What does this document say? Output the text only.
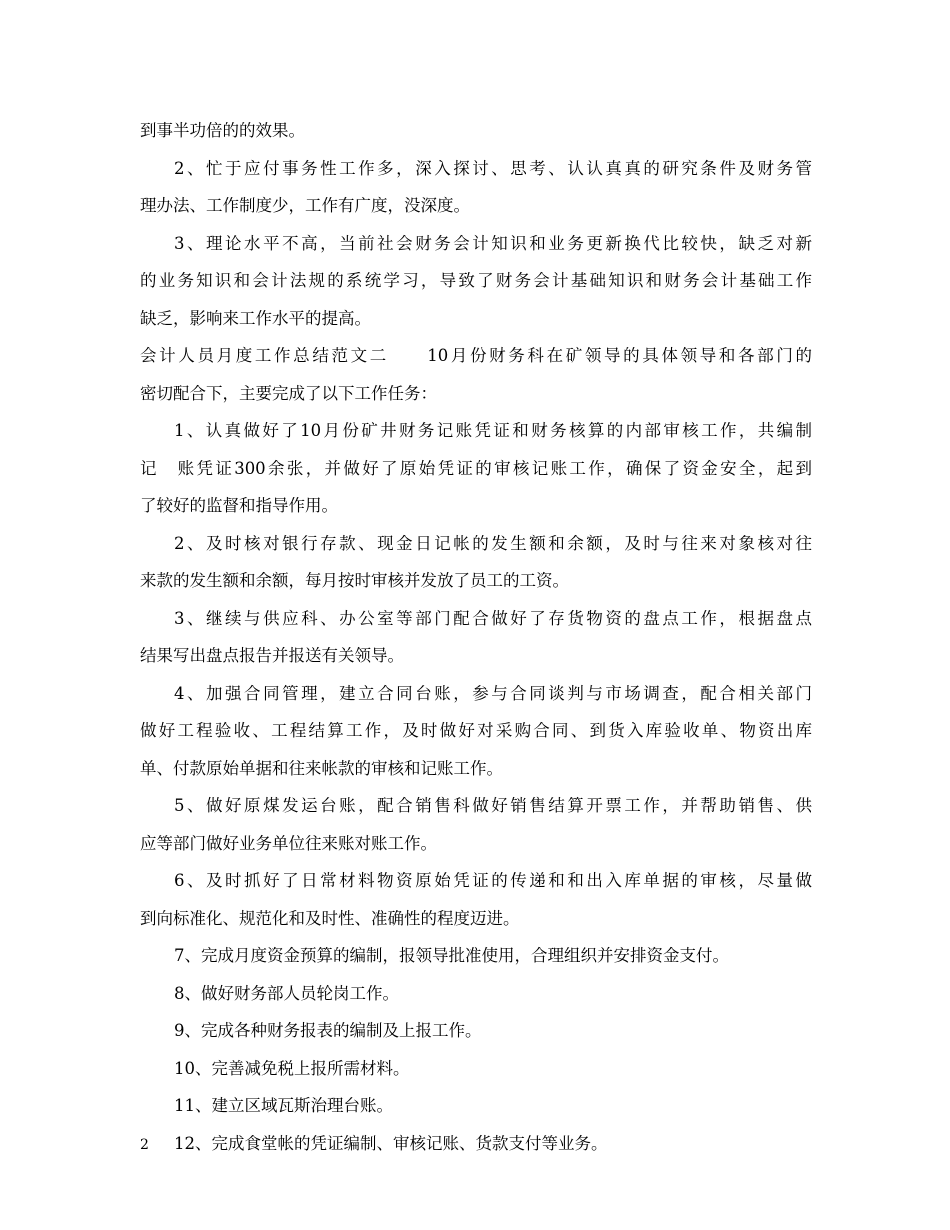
到事半功倍的的效果。
2、忙于应付事务性工作多，深入探讨、思考、认认真真的研究条件及财务管
理办法、工作制度少，工作有广度，没深度。
3、理论水平不高，当前社会财务会计知识和业务更新换代比较快，缺乏对新
的业务知识和会计法规的系统学习，导致了财务会计基础知识和财务会计基础工作
缺乏，影响来工作水平的提高。
会计人员月度工作总结范文二　　10月份财务科在矿领导的具体领导和各部门的
密切配合下，主要完成了以下工作任务：
1、认真做好了10月份矿井财务记账凭证和财务核算的内部审核工作，共编制
记　账凭证300余张，并做好了原始凭证的审核记账工作，确保了资金安全，起到
了较好的监督和指导作用。
2、及时核对银行存款、现金日记帐的发生额和余额，及时与往来对象核对往
来款的发生额和余额，每月按时审核并发放了员工的工资。
3、继续与供应科、办公室等部门配合做好了存货物资的盘点工作，根据盘点
结果写出盘点报告并报送有关领导。
4、加强合同管理，建立合同台账，参与合同谈判与市场调查，配合相关部门
做好工程验收、工程结算工作，及时做好对采购合同、到货入库验收单、物资出库
单、付款原始单据和往来帐款的审核和记账工作。
5、做好原煤发运台账，配合销售科做好销售结算开票工作，并帮助销售、供
应等部门做好业务单位往来账对账工作。
6、及时抓好了日常材料物资原始凭证的传递和和出入库单据的审核，尽量做
到向标准化、规范化和及时性、准确性的程度迈进。
7、完成月度资金预算的编制，报领导批准使用，合理组织并安排资金支付。
8、做好财务部人员轮岗工作。
9、完成各种财务报表的编制及上报工作。
10、完善减免税上报所需材料。
11、建立区域瓦斯治理台账。
12、完成食堂帐的凭证编制、审核记账、货款支付等业务。
2
